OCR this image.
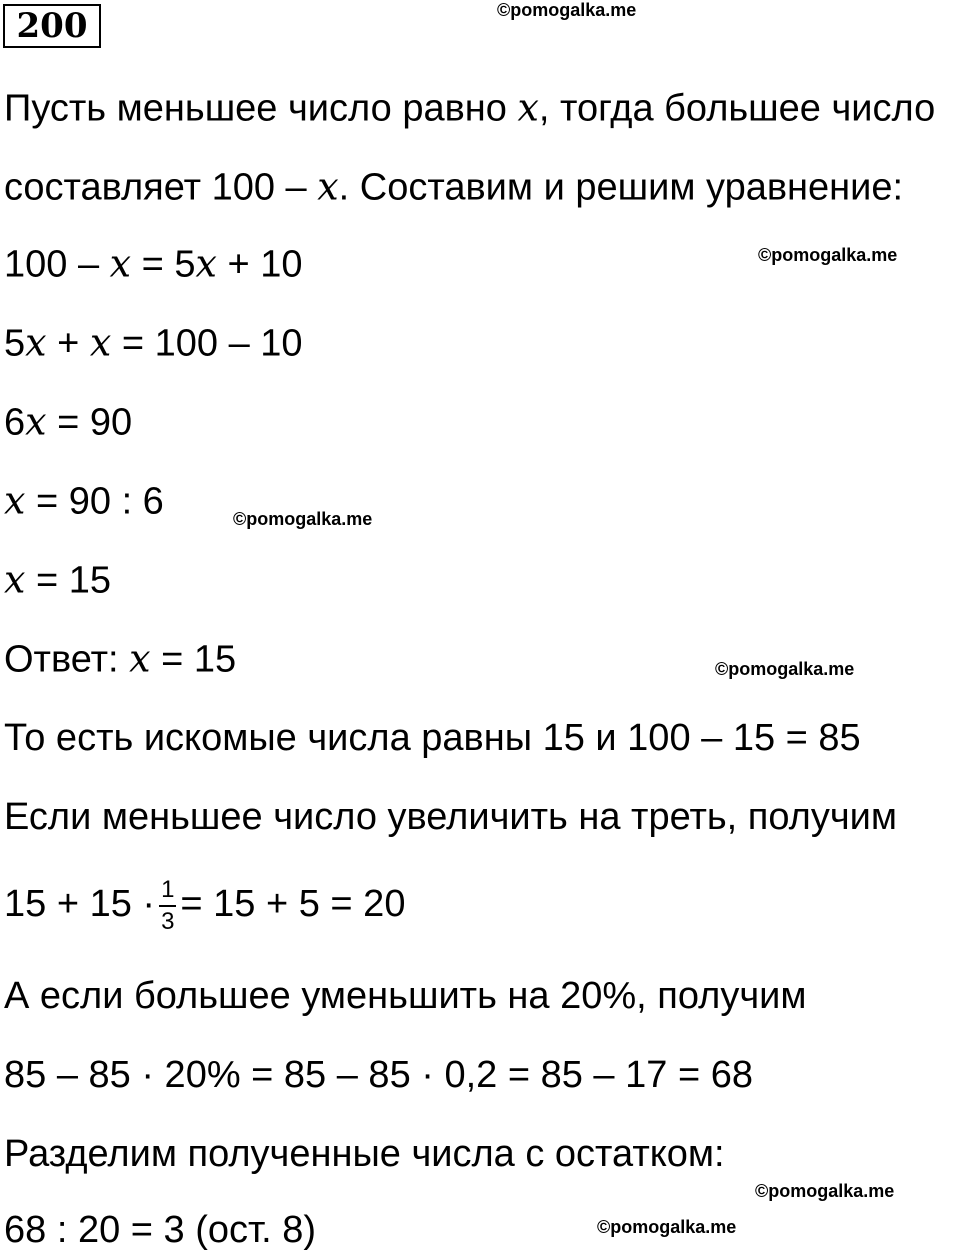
200	©pomogalka.me
©pomogalka.me
©pomogalka.me
©pomogalka.me
©pomogalka.me
©pomogalka.me
Пусть меньшее число равно x, тогда большее число
составляет 100 – x. Составим и решим уравнение:
100 – x = 5x + 10
5x + x = 100 – 10
6x = 90
x = 90 : 6
x = 15
Ответ: x = 15
То есть искомые числа равны 15 и 100 – 15 = 85
Если меньшее число увеличить на треть, получим
$15 + 15 \cdot \frac{1}{3} = 15 + 5 = 20$
А если большее уменьшить на 20%, получим
85 – 85 · 20% = 85 – 85 · 0,2 = 85 – 17 = 68
Разделим полученные числа с остатком:
68 : 20 = 3 (ост. 8)
